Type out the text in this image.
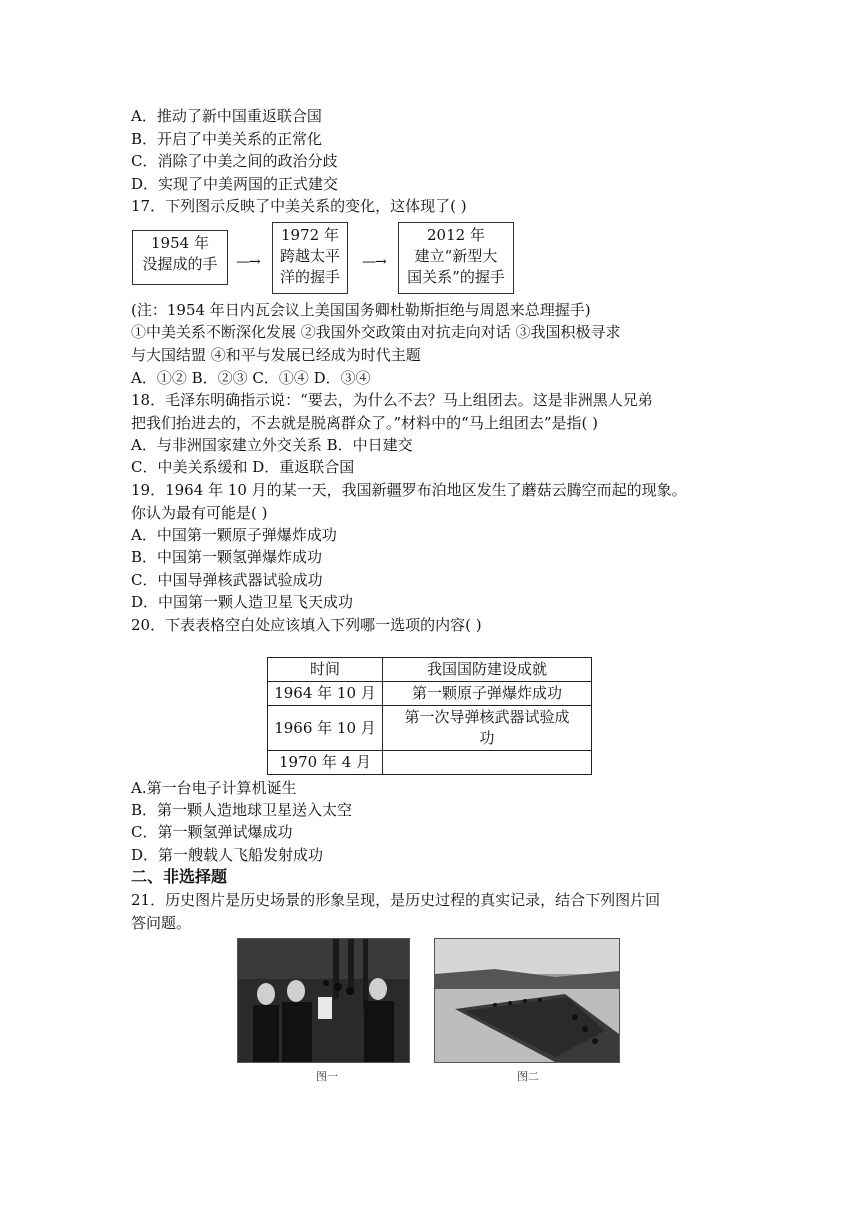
A．推动了新中国重返联合国
B．开启了中美关系的正常化
C．消除了中美之间的政治分歧
D．实现了中美两国的正式建交
17．下列图示反映了中美关系的变化，这体现了( )
1954 年
没握成的手	—→
1972 年
跨越太平
洋的握手
—→
2012 年
建立“新型大
国关系”的握手
(注：1954 年日内瓦会议上美国国务卿杜勒斯拒绝与周恩来总理握手)
①中美关系不断深化发展 ②我国外交政策由对抗走向对话 ③我国积极寻求
与大国结盟 ④和平与发展已经成为时代主题
A．①② B．②③ C．①④ D．③④
18．毛泽东明确指示说：“要去，为什么不去？马上组团去。这是非洲黑人兄弟
把我们抬进去的，不去就是脱离群众了。”材料中的“马上组团去”是指( )
A．与非洲国家建立外交关系 B．中日建交
C．中美关系缓和 D．重返联合国
19．1964 年 10 月的某一天，我国新疆罗布泊地区发生了蘑菇云腾空而起的现象。
你认为最有可能是( )
A．中国第一颗原子弹爆炸成功
B．中国第一颗氢弹爆炸成功
C．中国导弹核武器试验成功
D．中国第一颗人造卫星飞天成功
20．下表表格空白处应该填入下列哪一选项的内容( )
时间	我国国防建设成就
1964 年 10 月	第一颗原子弹爆炸成功
1966 年 10 月	第一次导弹核武器试验成
功

1970 年 4 月	
A.第一台电子计算机诞生
B．第一颗人造地球卫星送入太空
C．第一颗氢弹试爆成功
D．第一艘载人飞船发射成功
二、非选择题
21．历史图片是历史场景的形象呈现，是历史过程的真实记录，结合下列图片回
答问题。
图一	图二
